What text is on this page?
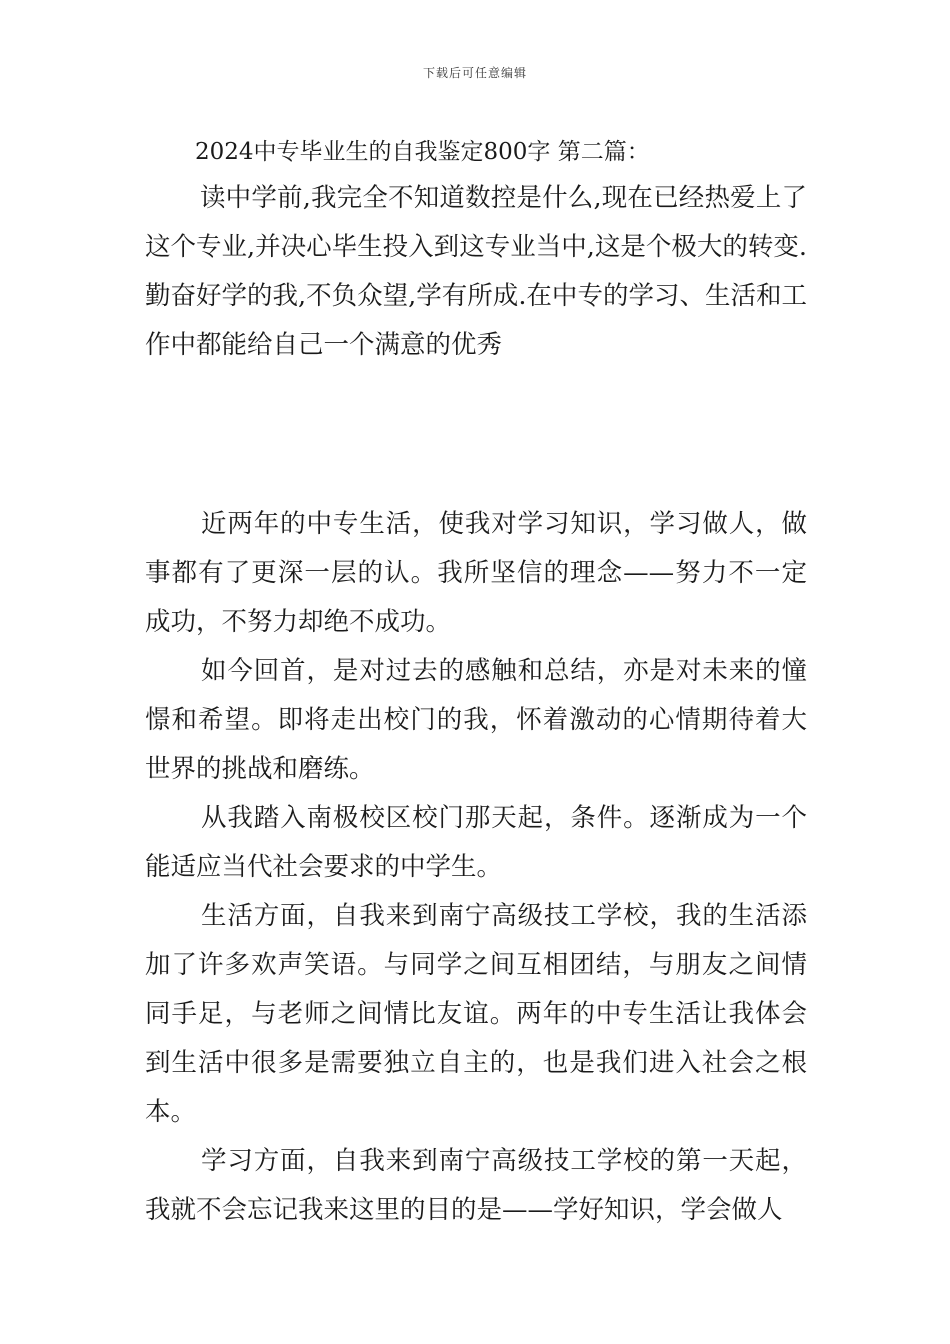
下载后可任意编辑

2024中专毕业生的自我鉴定800字 第二篇：

读中学前,我完全不知道数控是什么,现在已经热爱上了这个专业,并决心毕生投入到这专业当中,这是个极大的转变.勤奋好学的我,不负众望,学有所成.在中专的学习、生活和工作中都能给自己一个满意的优秀

近两年的中专生活，使我对学习知识，学习做人，做事都有了更深一层的认。我所坚信的理念——努力不一定成功，不努力却绝不成功。

如今回首，是对过去的感触和总结，亦是对未来的憧憬和希望。即将走出校门的我，怀着激动的心情期待着大世界的挑战和磨练。

从我踏入南极校区校门那天起，条件。逐渐成为一个能适应当代社会要求的中学生。

生活方面，自我来到南宁高级技工学校，我的生活添加了许多欢声笑语。与同学之间互相团结，与朋友之间情同手足，与老师之间情比友谊。两年的中专生活让我体会到生活中很多是需要独立自主的，也是我们进入社会之根本。

学习方面，自我来到南宁高级技工学校的第一天起，我就不会忘记我来这里的目的是——学好知识，学会做人
